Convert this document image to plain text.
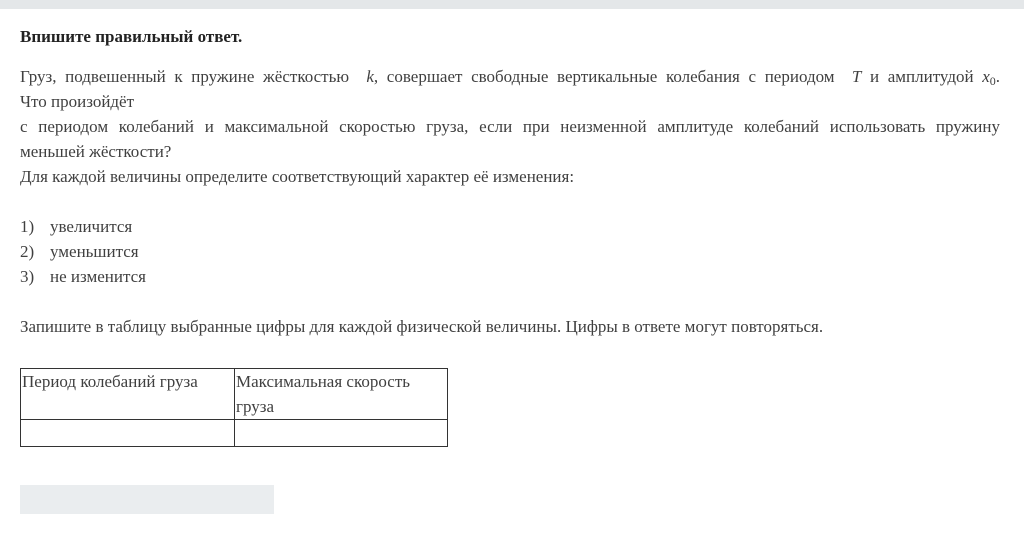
Впишите правильный ответ.

Груз, подвешенный к пружине жёсткостью k, совершает свободные вертикальные колебания с периодом T и амплитудой $x_0$.

Что произойдёт

с периодом колебаний и максимальной скоростью груза, если при неизменной амплитуде колебаний использовать пружину

меньшей жёсткости?

Для каждой величины определите соответствующий характер её изменения:

1) увеличится
2) уменьшится
3) не изменится

Запишите в таблицу выбранные цифры для каждой физической величины. Цифры в ответе могут повторяться.

Период колебаний груза	Максимальная скорость груза
